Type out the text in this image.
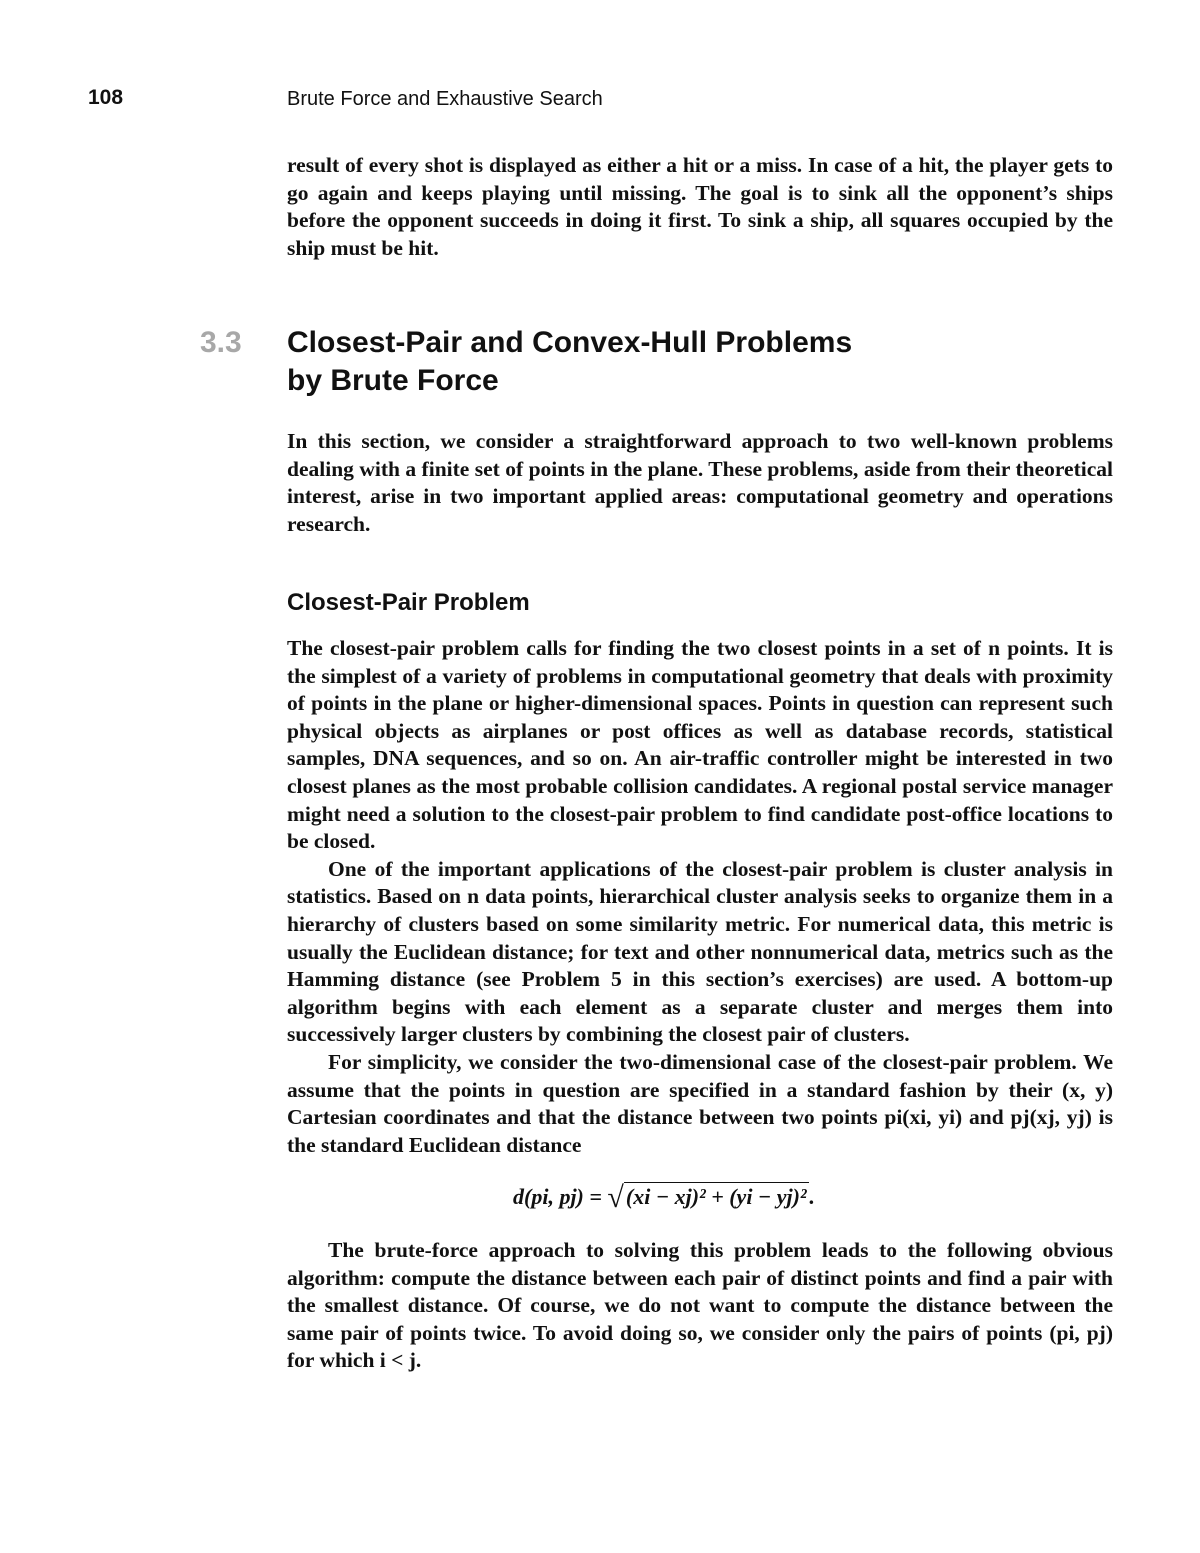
108	Brute Force and Exhaustive Search

result of every shot is displayed as either a hit or a miss. In case of a hit, the player gets to go again and keeps playing until missing. The goal is to sink all the opponent’s ships before the opponent succeeds in doing it first. To sink a ship, all squares occupied by the ship must be hit.

3.3 Closest-Pair and Convex-Hull Problems
by Brute Force

In this section, we consider a straightforward approach to two well-known problems dealing with a finite set of points in the plane. These problems, aside from their theoretical interest, arise in two important applied areas: computational geometry and operations research.

Closest-Pair Problem

The closest-pair problem calls for finding the two closest points in a set of n points. It is the simplest of a variety of problems in computational geometry that deals with proximity of points in the plane or higher-dimensional spaces. Points in question can represent such physical objects as airplanes or post offices as well as database records, statistical samples, DNA sequences, and so on. An air-traffic controller might be interested in two closest planes as the most probable collision candidates. A regional postal service manager might need a solution to the closest-pair problem to find candidate post-office locations to be closed.

One of the important applications of the closest-pair problem is cluster analysis in statistics. Based on n data points, hierarchical cluster analysis seeks to organize them in a hierarchy of clusters based on some similarity metric. For numerical data, this metric is usually the Euclidean distance; for text and other nonnumerical data, metrics such as the Hamming distance (see Problem 5 in this section’s exercises) are used. A bottom-up algorithm begins with each element as a separate cluster and merges them into successively larger clusters by combining the closest pair of clusters.

For simplicity, we consider the two-dimensional case of the closest-pair problem. We assume that the points in question are specified in a standard fashion by their (x, y) Cartesian coordinates and that the distance between two points pi(xi, yi) and pj(xj, yj) is the standard Euclidean distance

d(pi, pj) = √(xi − xj)² + (yi − yj)².

The brute-force approach to solving this problem leads to the following obvious algorithm: compute the distance between each pair of distinct points and find a pair with the smallest distance. Of course, we do not want to compute the distance between the same pair of points twice. To avoid doing so, we consider only the pairs of points (pi, pj) for which i < j.
